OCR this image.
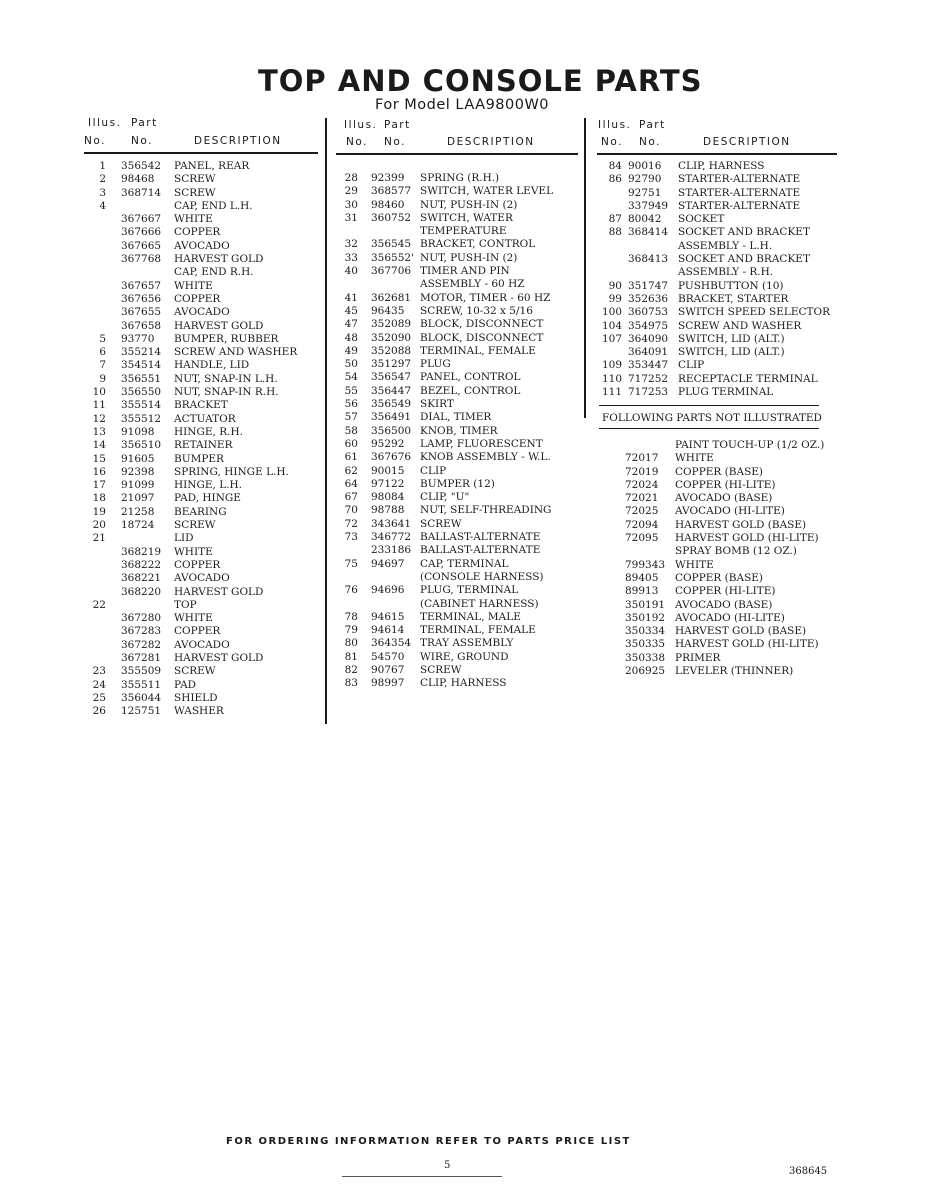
TOP AND CONSOLE PARTS
For Model LAA9800W0
Illus. Part
No. No.	DESCRIPTION
Illus. Part
No. No.	DESCRIPTION
Illus. Part
No. No.	DESCRIPTION
1 356542 PANEL, REAR
2 98468 SCREW
3 368714 SCREW
4	CAP, END L.H.
367667 WHITE
367666 COPPER
367665 AVOCADO
367768 HARVEST GOLD
CAP, END R.H.
367657 WHITE
367656 COPPER
367655 AVOCADO
367658 HARVEST GOLD
5 93770 BUMPER, RUBBER
6 355214 SCREW AND WASHER
7 354514 HANDLE, LID
9 356551 NUT, SNAP-IN L.H.
10 356550 NUT, SNAP-IN R.H.
11 355514 BRACKET
12 355512 ACTUATOR
13 91098 HINGE, R.H.
14 356510 RETAINER
15 91605 BUMPER
16 92398 SPRING, HINGE L.H.
17 91099 HINGE, L.H.
18 21097 PAD, HINGE
19 21258 BEARING
20 18724 SCREW
21	LID
368219 WHITE
368222 COPPER
368221 AVOCADO
368220 HARVEST GOLD
22	TOP
367280 WHITE
367283 COPPER
367282 AVOCADO
367281 HARVEST GOLD
23 355509 SCREW
24 355511 PAD
25 356044 SHIELD
26 125751 WASHER
28 92399 SPRING (R.H.)
29 368577 SWITCH, WATER LEVEL
30 98460 NUT, PUSH-IN (2)
31 360752 SWITCH, WATER
TEMPERATURE
32 356545 BRACKET, CONTROL
33 356552' NUT, PUSH-IN (2)
40 367706 TIMER AND PIN
ASSEMBLY - 60 HZ
41 362681 MOTOR, TIMER - 60 HZ
45 96435 SCREW, 10-32 x 5/16
47 352089 BLOCK, DISCONNECT
48 352090 BLOCK, DISCONNECT
49 352088 TERMINAL, FEMALE
50 351297 PLUG
54 356547 PANEL, CONTROL
55 356447 BEZEL, CONTROL
56 356549 SKIRT
57 356491 DIAL, TIMER
58 356500 KNOB, TIMER
60 95292 LAMP, FLUORESCENT
61 367676 KNOB ASSEMBLY - W.L.
62 90015 CLIP
64 97122 BUMPER (12)
67 98084 CLIP, "U"
70 98788 NUT, SELF-THREADING
72 343641 SCREW
73 346772 BALLAST-ALTERNATE
233186 BALLAST-ALTERNATE
75 94697 CAP, TERMINAL
(CONSOLE HARNESS)
76 94696 PLUG, TERMINAL
(CABINET HARNESS)
78 94615 TERMINAL, MALE
79 94614 TERMINAL, FEMALE
80 364354 TRAY ASSEMBLY
81 54570 WIRE, GROUND
82 90767 SCREW
83 98997 CLIP, HARNESS
84 90016 CLIP, HARNESS
86 92790 STARTER-ALTERNATE
92751 STARTER-ALTERNATE
337949 STARTER-ALTERNATE
87 80042 SOCKET
88 368414 SOCKET AND BRACKET
ASSEMBLY - L.H.
368413 SOCKET AND BRACKET
ASSEMBLY - R.H.
90 351747 PUSHBUTTON (10)
99 352636 BRACKET, STARTER
100 360753 SWITCH SPEED SELECTOR
104 354975 SCREW AND WASHER
107 364090 SWITCH, LID (ALT.)
364091 SWITCH, LID (ALT.)
109 353447 CLIP
110 717252 RECEPTACLE TERMINAL
111 717253 PLUG TERMINAL
FOLLOWING PARTS NOT ILLUSTRATED
PAINT TOUCH-UP (1/2 OZ.)
72017 WHITE
72019 COPPER (BASE)
72024 COPPER (HI-LITE)
72021 AVOCADO (BASE)
72025 AVOCADO (HI-LITE)
72094 HARVEST GOLD (BASE)
72095 HARVEST GOLD (HI-LITE)
SPRAY BOMB (12 OZ.)
799343 WHITE
89405 COPPER (BASE)
89913 COPPER (HI-LITE)
350191 AVOCADO (BASE)
350192 AVOCADO (HI-LITE)
350334 HARVEST GOLD (BASE)
350335 HARVEST GOLD (HI-LITE)
350338 PRIMER
206925 LEVELER (THINNER)
FOR ORDERING INFORMATION REFER TO PARTS PRICE LIST
5
368645
